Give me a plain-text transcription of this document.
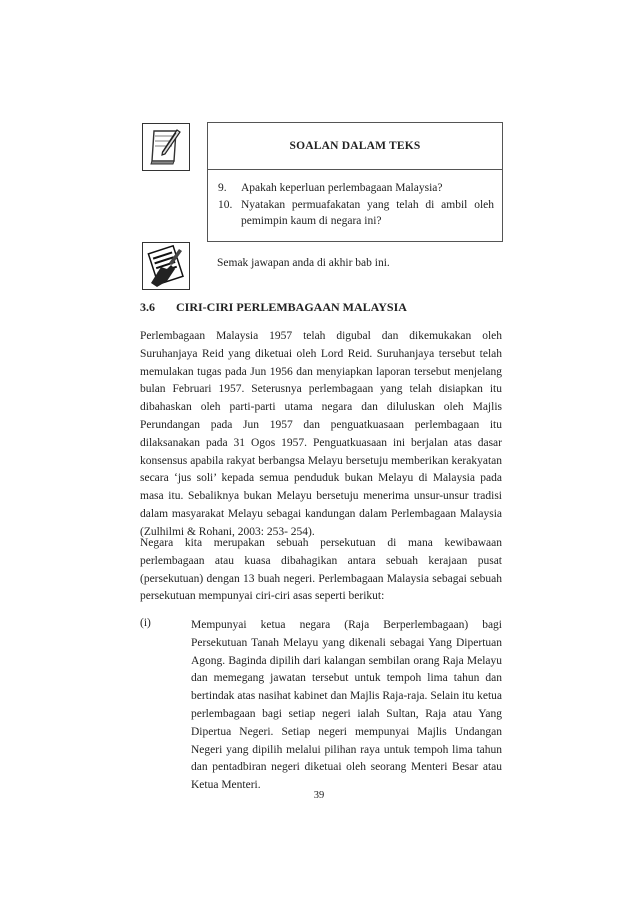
SOALAN DALAM TEKS
9.	Apakah keperluan perlembagaan Malaysia?
10. Nyatakan permuafakatan yang telah di ambil oleh pemimpin kaum di negara ini?
Semak jawapan anda di akhir bab ini.
3.6 CIRI-CIRI PERLEMBAGAAN MALAYSIA

Perlembagaan Malaysia 1957 telah digubal dan dikemukakan oleh Suruhanjaya Reid yang diketuai oleh Lord Reid. Suruhanjaya tersebut telah memulakan tugas pada Jun 1956 dan menyiapkan laporan tersebut menjelang bulan Februari 1957. Seterusnya perlembagaan yang telah disiapkan itu dibahaskan oleh parti-parti utama negara dan diluluskan oleh Majlis Perundangan pada Jun 1957 dan penguatkuasaan perlembagaan itu dilaksanakan pada 31 Ogos 1957. Penguatkuasaan ini berjalan atas dasar konsensus apabila rakyat berbangsa Melayu bersetuju memberikan kerakyatan secara ‘jus soli’ kepada semua penduduk bukan Melayu di Malaysia pada masa itu. Sebaliknya bukan Melayu bersetuju menerima unsur-unsur tradisi dalam masyarakat Melayu sebagai kandungan dalam Perlembagaan Malaysia (Zulhilmi & Rohani, 2003: 253- 254).

Negara kita merupakan sebuah persekutuan di mana kewibawaan perlembagaan atau kuasa dibahagikan antara sebuah kerajaan pusat (persekutuan) dengan 13 buah negeri. Perlembagaan Malaysia sebagai sebuah persekutuan mempunyai ciri-ciri asas seperti berikut:

(i)	Mempunyai ketua negara (Raja Berperlembagaan) bagi Persekutuan Tanah Melayu yang dikenali sebagai Yang Dipertuan Agong. Baginda dipilih dari kalangan sembilan orang Raja Melayu dan memegang jawatan tersebut untuk tempoh lima tahun dan bertindak atas nasihat kabinet dan Majlis Raja-raja. Selain itu ketua perlembagaan bagi setiap negeri ialah Sultan, Raja atau Yang Dipertua Negeri. Setiap negeri mempunyai Majlis Undangan Negeri yang dipilih melalui pilihan raya untuk tempoh lima tahun dan pentadbiran negeri diketuai oleh seorang Menteri Besar atau Ketua Menteri.

39
